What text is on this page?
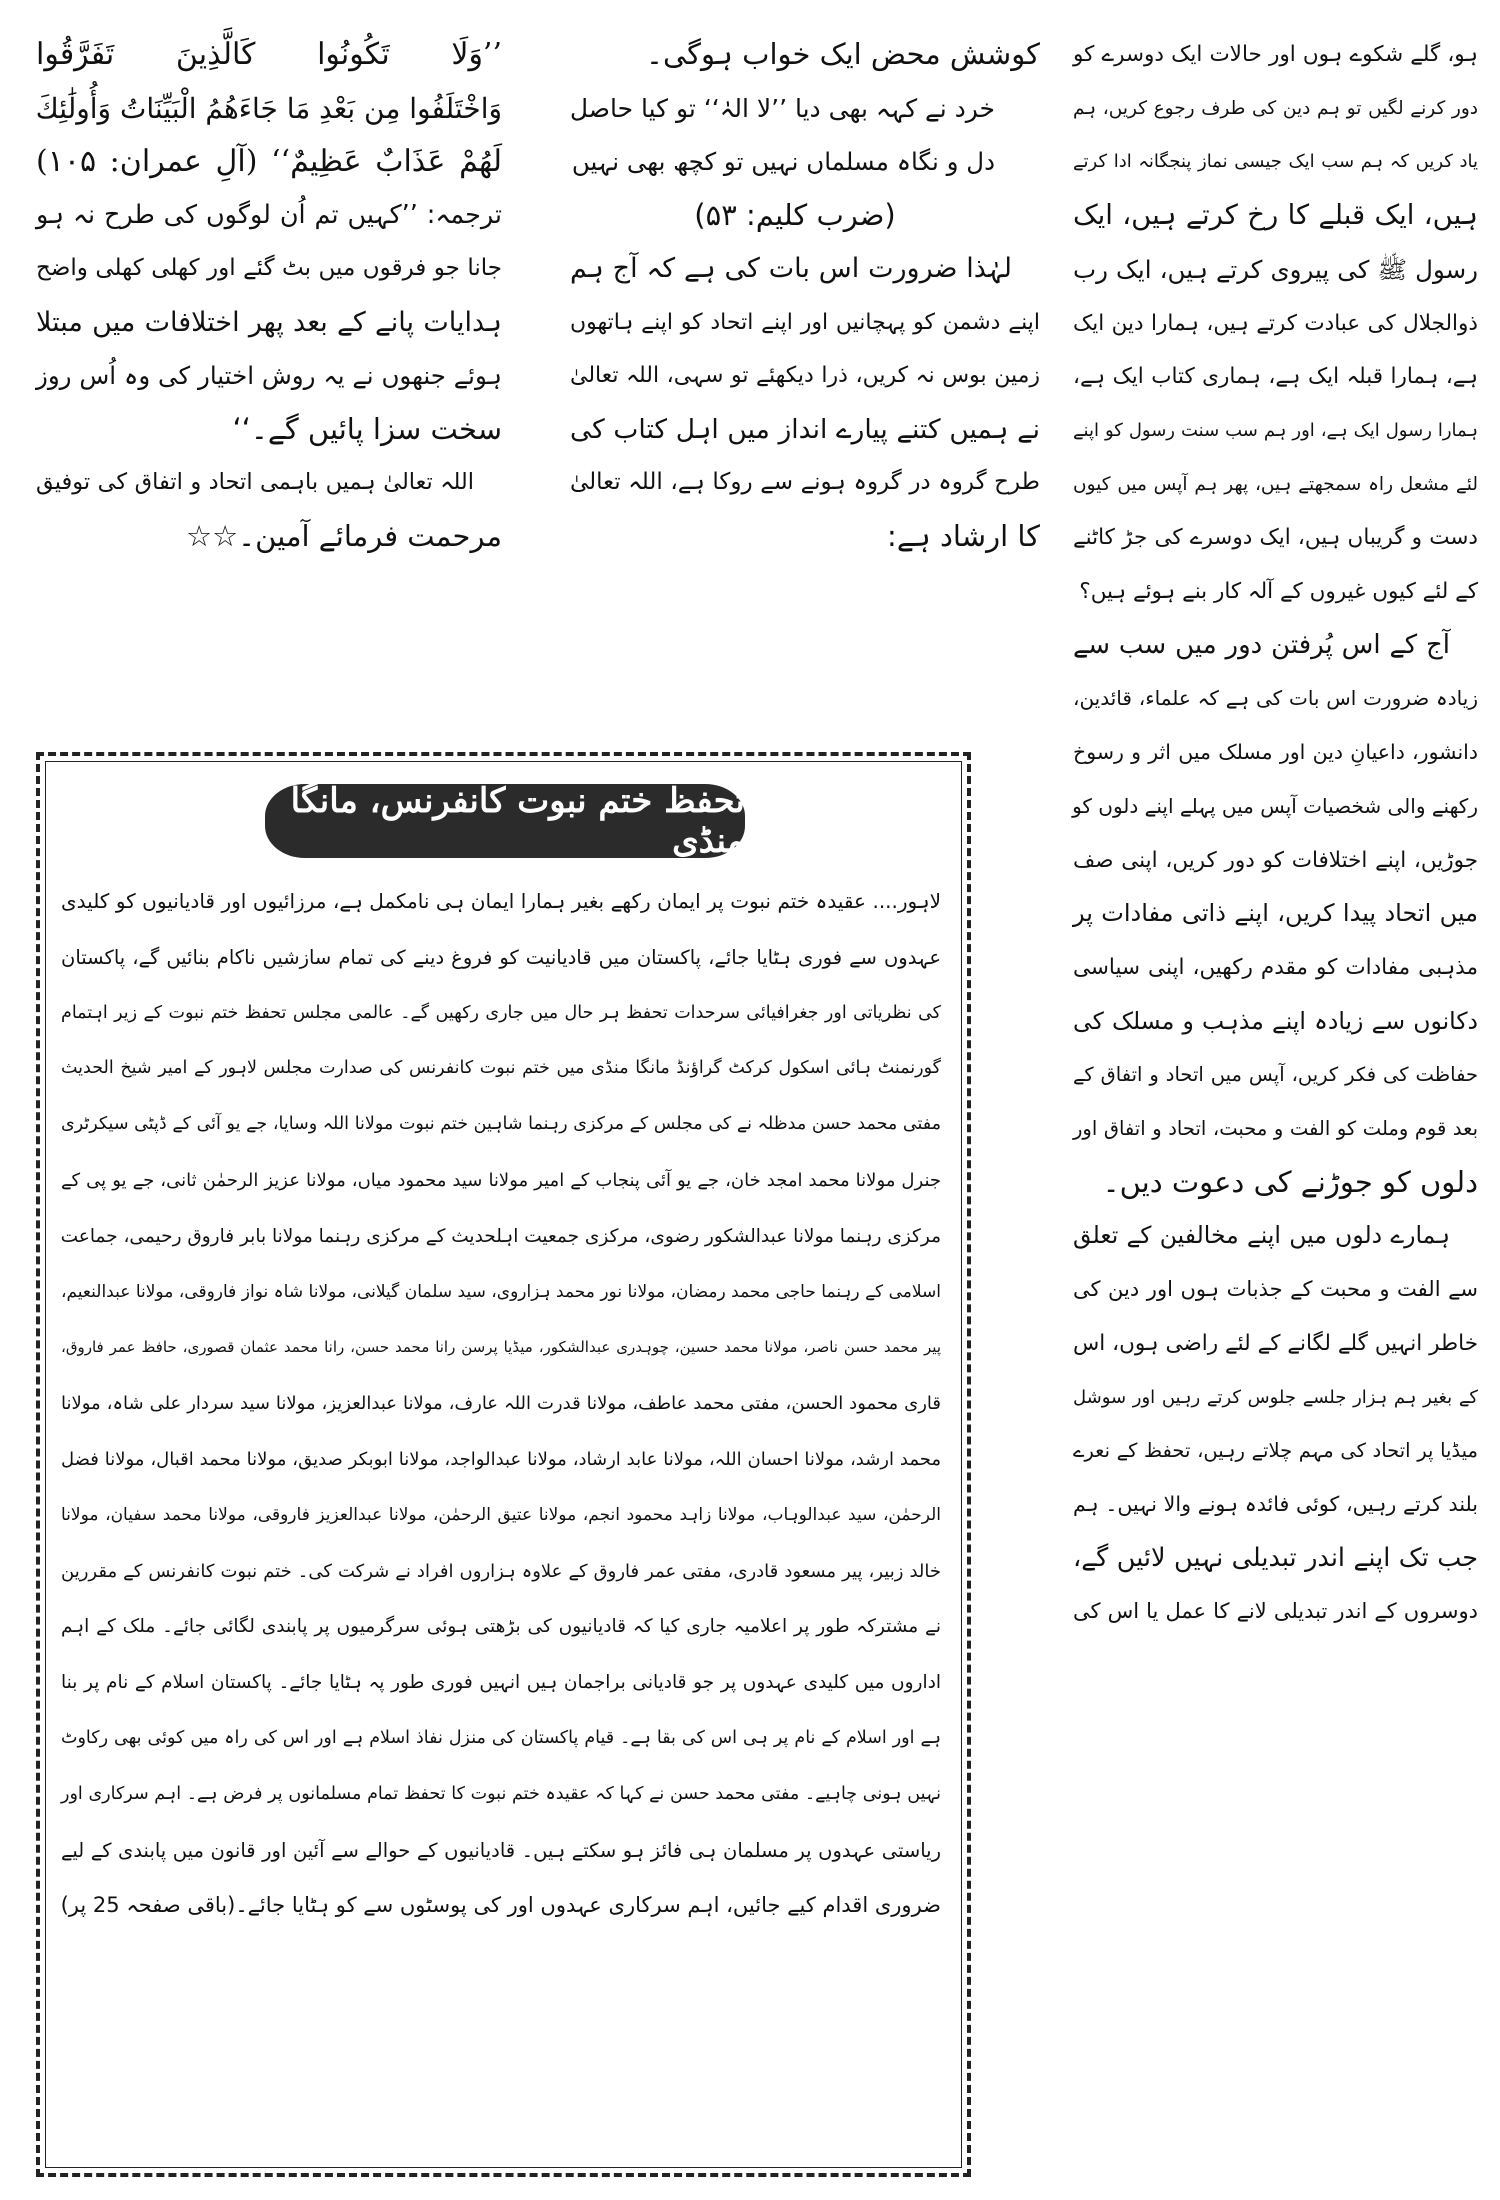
ہو، گلے شکوے ہوں اور حالات ایک دوسرے کو
دور کرنے لگیں تو ہم دین کی طرف رجوع کریں، ہم
یاد کریں کہ ہم سب ایک جیسی نماز پنجگانہ ادا کرتے
ہیں، ایک قبلے کا رخ کرتے ہیں، ایک
رسول ﷺ کی پیروی کرتے ہیں، ایک رب
ذوالجلال کی عبادت کرتے ہیں، ہمارا دین ایک
ہے، ہمارا قبلہ ایک ہے، ہماری کتاب ایک ہے،
ہمارا رسول ایک ہے، اور ہم سب سنت رسول کو اپنے
لئے مشعل راہ سمجھتے ہیں، پھر ہم آپس میں کیوں
دست و گریباں ہیں، ایک دوسرے کی جڑ کاٹنے
کے لئے کیوں غیروں کے آلہ کار بنے ہوئے ہیں؟
آج کے اس پُرفتن دور میں سب سے
زیادہ ضرورت اس بات کی ہے کہ علماء، قائدین،
دانشور، داعیانِ دین اور مسلک میں اثر و رسوخ
رکھنے والی شخصیات آپس میں پہلے اپنے دلوں کو
جوڑیں، اپنے اختلافات کو دور کریں، اپنی صف
میں اتحاد پیدا کریں، اپنے ذاتی مفادات پر
مذہبی مفادات کو مقدم رکھیں، اپنی سیاسی
دکانوں سے زیادہ اپنے مذہب و مسلک کی
حفاظت کی فکر کریں، آپس میں اتحاد و اتفاق کے
بعد قوم وملت کو الفت و محبت، اتحاد و اتفاق اور
دلوں کو جوڑنے کی دعوت دیں۔
ہمارے دلوں میں اپنے مخالفین کے تعلق
سے الفت و محبت کے جذبات ہوں اور دین کی
خاطر انہیں گلے لگانے کے لئے راضی ہوں، اس
کے بغیر ہم ہزار جلسے جلوس کرتے رہیں اور سوشل
میڈیا پر اتحاد کی مہم چلاتے رہیں، تحفظ کے نعرے
بلند کرتے رہیں، کوئی فائدہ ہونے والا نہیں۔ ہم
جب تک اپنے اندر تبدیلی نہیں لائیں گے،
دوسروں کے اندر تبدیلی لانے کا عمل یا اس کی
کوشش محض ایک خواب ہوگی۔
خرد نے کہہ بھی دیا ’’لا الہٰ‘‘ تو کیا حاصل
دل و نگاہ مسلماں نہیں تو کچھ بھی نہیں
(ضرب کلیم: ۵۳)
لہٰذا ضرورت اس بات کی ہے کہ آج ہم
اپنے دشمن کو پہچانیں اور اپنے اتحاد کو اپنے ہاتھوں
زمین بوس نہ کریں، ذرا دیکھئے تو سہی، اللہ تعالیٰ
نے ہمیں کتنے پیارے انداز میں اہل کتاب کی
طرح گروہ در گروہ ہونے سے روکا ہے، اللہ تعالیٰ
کا ارشاد ہے:
’’وَلَا تَكُونُوا كَالَّذِينَ تَفَرَّقُوا
وَاخْتَلَفُوا مِن بَعْدِ مَا جَاءَهُمُ الْبَيِّنَاتُ وَأُولَٰئِكَ
لَهُمْ عَذَابٌ عَظِيمٌ‘‘ (آلِ عمران: ۱۰۵)
ترجمہ: ’’کہیں تم اُن لوگوں کی طرح نہ ہو
جانا جو فرقوں میں بٹ گئے اور کھلی کھلی واضح
ہدایات پانے کے بعد پھر اختلافات میں مبتلا
ہوئے جنھوں نے یہ روش اختیار کی وہ اُس روز
سخت سزا پائیں گے۔‘‘
اللہ تعالیٰ ہمیں باہمی اتحاد و اتفاق کی توفیق
مرحمت فرمائے آمین۔☆☆
تحفظ ختم نبوت کانفرنس، مانگا منڈی
لاہور.... عقیدہ ختم نبوت پر ایمان رکھے بغیر ہمارا ایمان ہی نامکمل ہے، مرزائیوں اور قادیانیوں کو کلیدی
عہدوں سے فوری ہٹایا جائے، پاکستان میں قادیانیت کو فروغ دینے کی تمام سازشیں ناکام بنائیں گے، پاکستان
کی نظریاتی اور جغرافیائی سرحدات تحفظ ہر حال میں جاری رکھیں گے۔ عالمی مجلس تحفظ ختم نبوت کے زیر اہتمام
گورنمنٹ ہائی اسکول کرکٹ گراؤنڈ مانگا منڈی میں ختم نبوت کانفرنس کی صدارت مجلس لاہور کے امیر شیخ الحدیث
مفتی محمد حسن مدظلہ نے کی مجلس کے مرکزی رہنما شاہین ختم نبوت مولانا اللہ وسایا، جے یو آئی کے ڈپٹی سیکرٹری
جنرل مولانا محمد امجد خان، جے یو آئی پنجاب کے امیر مولانا سید محمود میاں، مولانا عزیز الرحمٰن ثانی، جے یو پی کے
مرکزی رہنما مولانا عبدالشکور رضوی، مرکزی جمعیت اہلحدیث کے مرکزی رہنما مولانا بابر فاروق رحیمی، جماعت
اسلامی کے رہنما حاجی محمد رمضان، مولانا نور محمد ہزاروی، سید سلمان گیلانی، مولانا شاہ نواز فاروقی، مولانا عبدالنعیم،
پیر محمد حسن ناصر، مولانا محمد حسین، چوہدری عبدالشکور، میڈیا پرسن رانا محمد حسن، رانا محمد عثمان قصوری، حافظ عمر فاروق،
قاری محمود الحسن، مفتی محمد عاطف، مولانا قدرت اللہ عارف، مولانا عبدالعزیز، مولانا سید سردار علی شاہ، مولانا
محمد ارشد، مولانا احسان اللہ، مولانا عابد ارشاد، مولانا عبدالواجد، مولانا ابوبکر صدیق، مولانا محمد اقبال، مولانا فضل
الرحمٰن، سید عبدالوہاب، مولانا زاہد محمود انجم، مولانا عتیق الرحمٰن، مولانا عبدالعزیز فاروقی، مولانا محمد سفیان، مولانا
خالد زبیر، پیر مسعود قادری، مفتی عمر فاروق کے علاوہ ہزاروں افراد نے شرکت کی۔ ختم نبوت کانفرنس کے مقررین
نے مشترکہ طور پر اعلامیہ جاری کیا کہ قادیانیوں کی بڑھتی ہوئی سرگرمیوں پر پابندی لگائی جائے۔ ملک کے اہم
اداروں میں کلیدی عہدوں پر جو قادیانی براجمان ہیں انہیں فوری طور پہ ہٹایا جائے۔ پاکستان اسلام کے نام پر بنا
ہے اور اسلام کے نام پر ہی اس کی بقا ہے۔ قیام پاکستان کی منزل نفاذ اسلام ہے اور اس کی راہ میں کوئی بھی رکاوٹ
نہیں ہونی چاہیے۔ مفتی محمد حسن نے کہا کہ عقیدہ ختم نبوت کا تحفظ تمام مسلمانوں پر فرض ہے۔ اہم سرکاری اور
ریاستی عہدوں پر مسلمان ہی فائز ہو سکتے ہیں۔ قادیانیوں کے حوالے سے آئین اور قانون میں پابندی کے لیے
ضروری اقدام کیے جائیں، اہم سرکاری عہدوں اور کی پوسٹوں سے کو ہٹایا جائے۔
(باقی صفحہ 25 پر)
